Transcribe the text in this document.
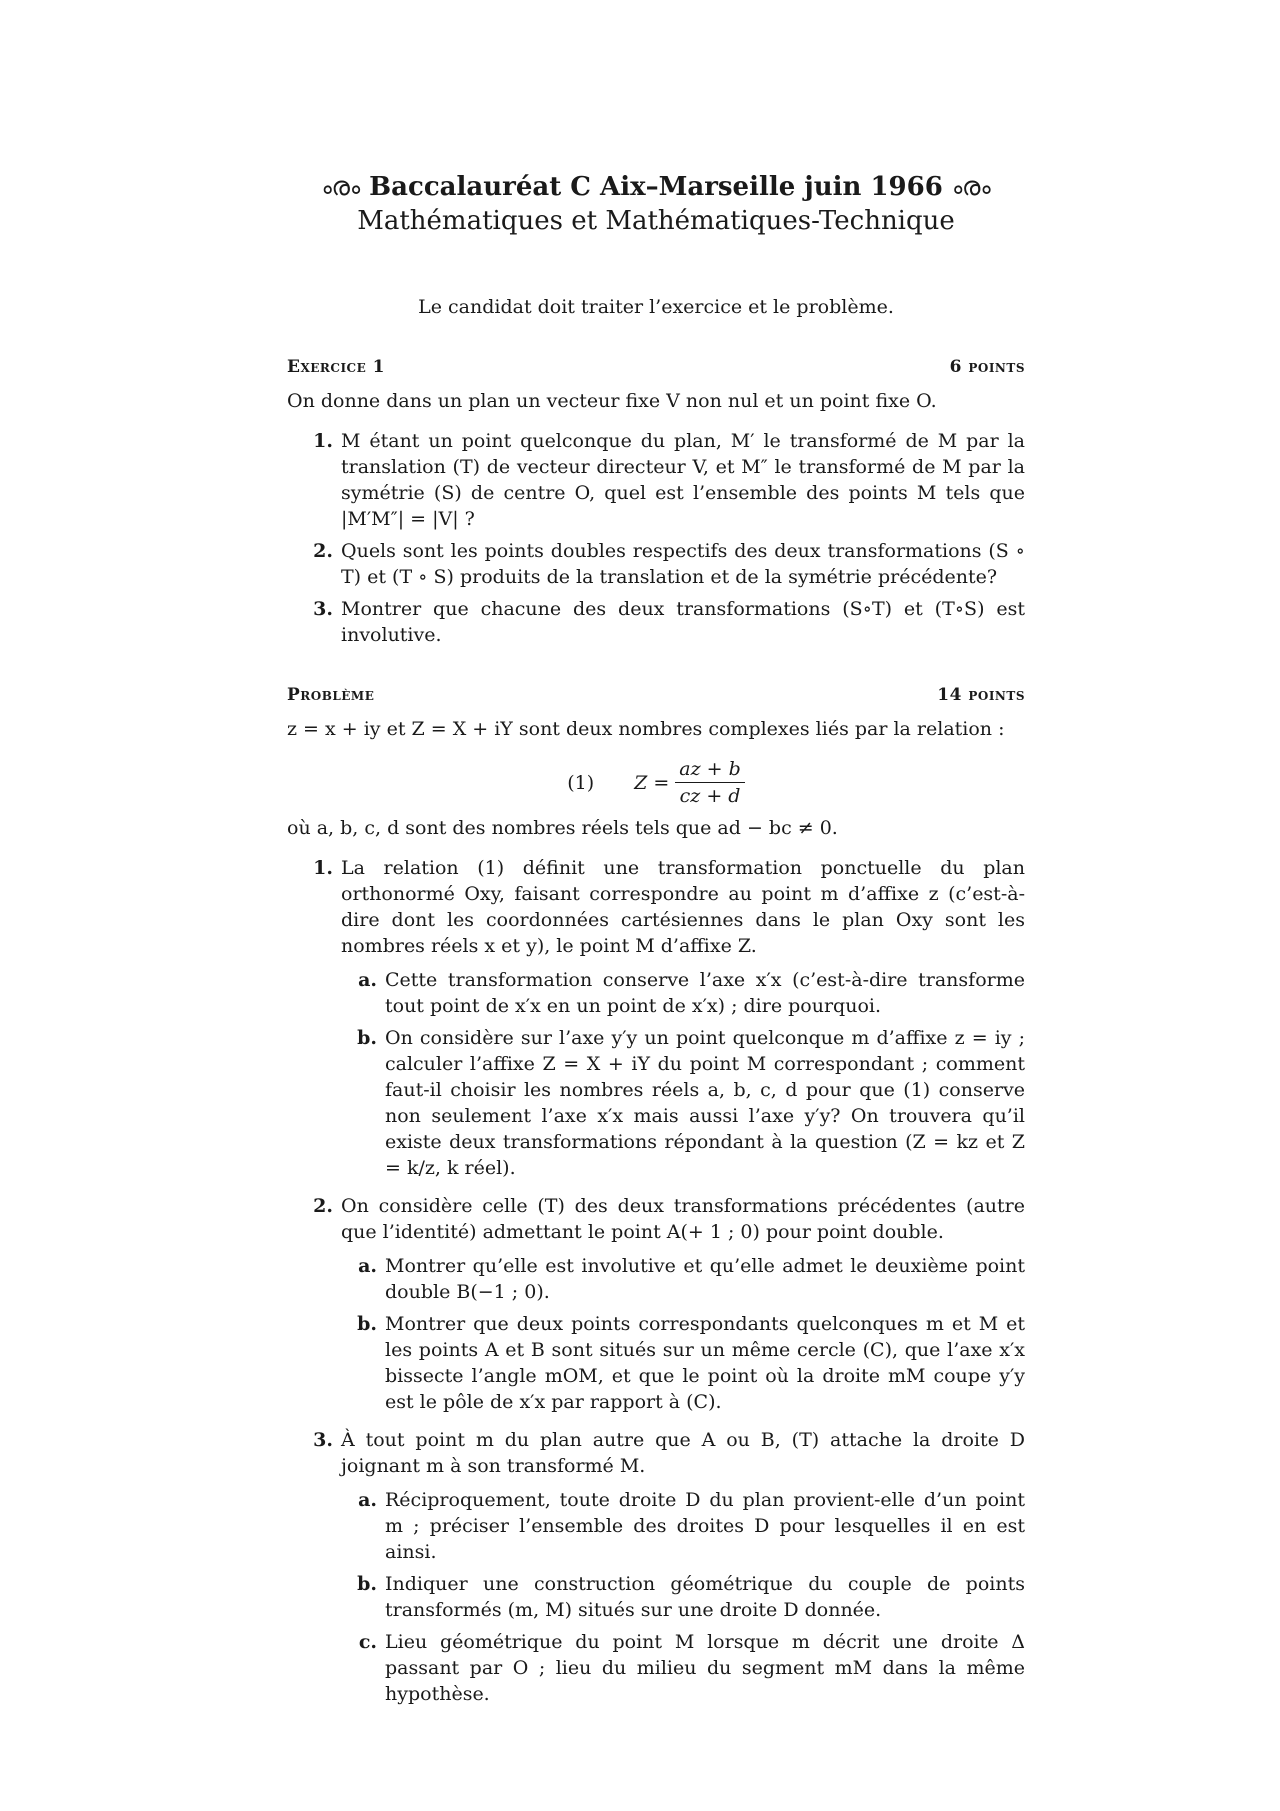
ൟ Baccalauréat C Aix–Marseille juin 1966 ൟ
Mathématiques et Mathématiques-Technique
Le candidat doit traiter l’exercice et le problème.
Exercice 1	6 points
On donne dans un plan un vecteur fixe V non nul et un point fixe O.
1. M étant un point quelconque du plan, M′ le transformé de M par la translation (T) de vecteur directeur V, et M″ le transformé de M par la symétrie (S) de centre O, quel est l’ensemble des points M tels que |M′M″| = |V| ?
2. Quels sont les points doubles respectifs des deux transformations (S ∘ T) et (T ∘ S) produits de la translation et de la symétrie précédente?
3. Montrer que chacune des deux transformations (S∘T) et (T∘S) est involutive.
Problème	14 points
z = x + iy et Z = X + iY sont deux nombres complexes liés par la relation :
(1) $Z = \frac{az + b}{cz + d}$
où a, b, c, d sont des nombres réels tels que ad − bc ≠ 0.
1. La relation (1) définit une transformation ponctuelle du plan orthonormé Oxy, faisant correspondre au point m d’affixe z (c’est-à-dire dont les coordonnées cartésiennes dans le plan Oxy sont les nombres réels x et y), le point M d’affixe Z.
a. Cette transformation conserve l’axe x′x (c’est-à-dire transforme tout point de x′x en un point de x′x) ; dire pourquoi.
b. On considère sur l’axe y′y un point quelconque m d’affixe z = iy ; calculer l’affixe Z = X + iY du point M correspondant ; comment faut-il choisir les nombres réels a, b, c, d pour que (1) conserve non seulement l’axe x′x mais aussi l’axe y′y? On trouvera qu’il existe deux transformations répondant à la question (Z = kz et Z = k/z, k réel).
2. On considère celle (T) des deux transformations précédentes (autre que l’identité) admettant le point A(+ 1 ; 0) pour point double.
a. Montrer qu’elle est involutive et qu’elle admet le deuxième point double B(−1 ; 0).
b. Montrer que deux points correspondants quelconques m et M et les points A et B sont situés sur un même cercle (C), que l’axe x′x bissecte l’angle mOM, et que le point où la droite mM coupe y′y est le pôle de x′x par rapport à (C).
3. À tout point m du plan autre que A ou B, (T) attache la droite D joignant m à son transformé M.
a. Réciproquement, toute droite D du plan provient-elle d’un point m ; préciser l’ensemble des droites D pour lesquelles il en est ainsi.
b. Indiquer une construction géométrique du couple de points transformés (m, M) situés sur une droite D donnée.
c. Lieu géométrique du point M lorsque m décrit une droite Δ passant par O ; lieu du milieu du segment mM dans la même hypothèse.
